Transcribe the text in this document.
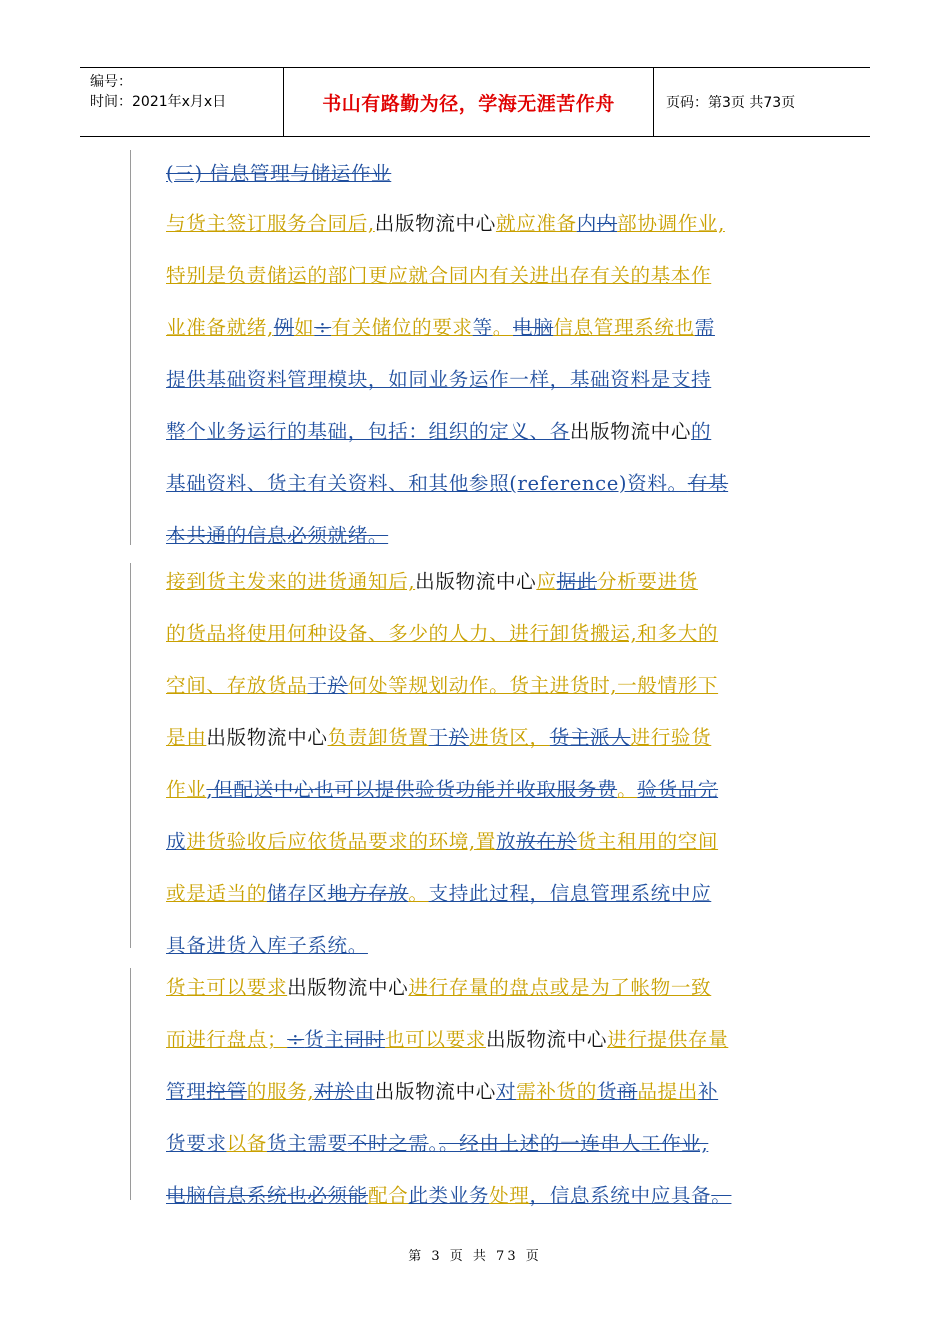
编号：
时间：2021年x月x日	书山有路勤为径，学海无涯苦作舟	页码：第3页 共73页
(三) 信息管理与储运作业
与货主签订服务合同后,出版物流中心就应准备内内部协调作业,
特别是负责储运的部门更应就合同内有关进出存有关的基本作
业准备就绪,例如÷有关储位的要求等。电脑信息管理系统也需
提供基础资料管理模块，如同业务运作一样，基础资料是支持
整个业务运行的基础，包括：组织的定义、各出版物流中心的
基础资料、货主有关资料、和其他参照(reference)资料。有基
本共通的信息必须就绪。
接到货主发来的进货通知后,出版物流中心应据此分析要进货
的货品将使用何种设备、多少的人力、进行卸货搬运,和多大的
空间、存放货品于於何处等规划动作。货主进货时,一般情形下
是由出版物流中心负责卸货置于於进货区，货主派人进行验货
作业,但配送中心也可以提供验货功能并收取服务费。验货品完
成进货验收后应依货品要求的环境,置放放在於货主租用的空间
或是适当的储存区地方存放。支持此过程，信息管理系统中应
具备进货入库子系统。
货主可以要求出版物流中心进行存量的盘点或是为了帐物一致
而进行盘点；÷货主同时也可以要求出版物流中心进行提供存量
管理控管的服务,对於由出版物流中心对需补货的货商品提出补
货要求以备货主需要不时之需。。经由上述的一连串人工作业,
电脑信息系统也必须能配合此类业务处理，信息系统中应具备。
第 3 页 共 73 页
